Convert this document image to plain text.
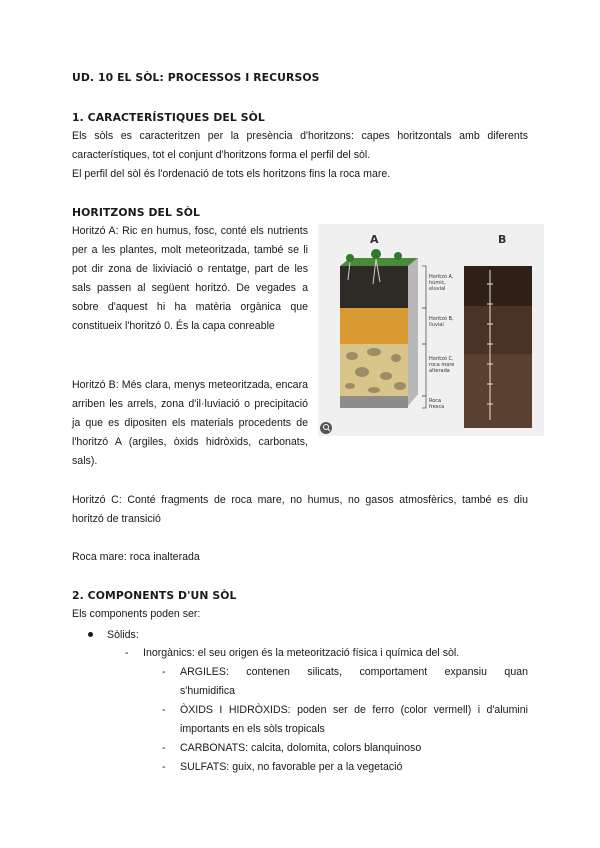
UD. 10 EL SÒL: PROCESSOS I RECURSOS
1. CARACTERÍSTIQUES DEL SÒL
Els sòls es caracteritzen per la presència d'horitzons: capes horitzontals amb diferents
característiques, tot el conjunt d'horitzons forma el perfil del sòl.
El perfil del sòl és l'ordenació de tots els horitzons fins la roca mare.
HORITZONS DEL SÒL

Horitzó A: Ric en humus, fosc, conté els nutrients per a les plantes, molt meteoritzada, també se li pot dir zona de lixiviació o rentatge, part de les sals passen al següent horitzó. De vegades a sobre d'aquest hi ha matèria orgànica que constitueix l'horitzó 0. És la capa conreable

Horitzó B: Més clara, menys meteoritzada, encara arriben les arrels, zona d'il·luviació o precipitació ja que es dipositen els materials procedents de l'horitzó A (argiles, òxids hidròxids, carbonats, sals).

A	B
Horitzó A, húmic, eluvial
Horitzó B, iluvial
Horitzó C, roca mare alterada
Roca fresca
Horitzó C: Conté fragments de roca mare, no humus, no gasos atmosfèrics, també es diu
horitzó de transició
Roca mare: roca inalterada
2. COMPONENTS D'UN SÒL
Els components poden ser:
Sòlids:
- Inorgànics: el seu origen és la meteorització física i química del sòl.
-	ARGILES: contenen silicats, comportament expansiu quan
s'humidifica
-	ÒXIDS I HIDRÒXIDS: poden ser de ferro (color vermell) i d'alumini
importants en els sòls tropicals
-	CARBONATS: calcita, dolomita, colors blanquinoso
-	SULFATS: guix, no favorable per a la vegetació
